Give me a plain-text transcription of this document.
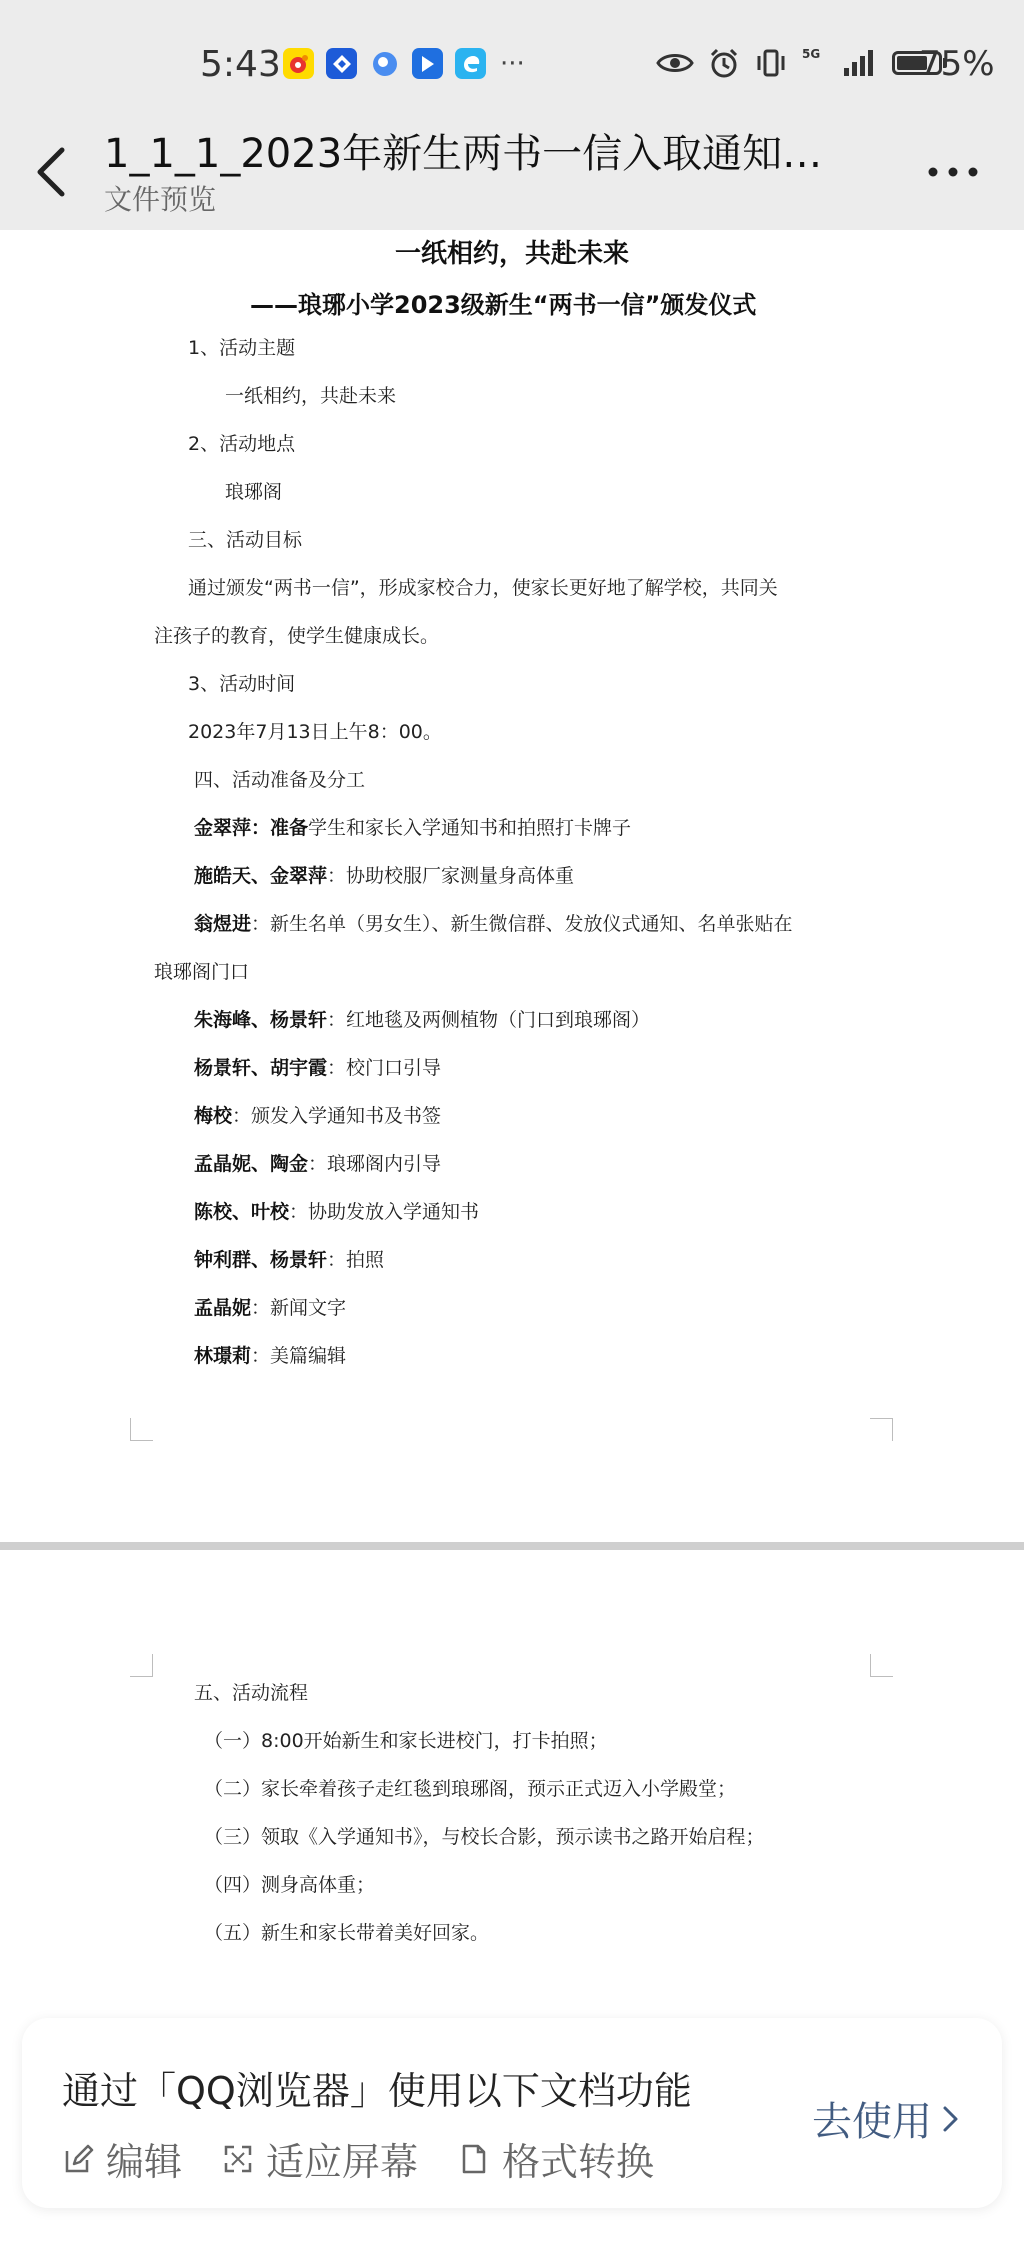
5:43	···	5G	75%
1_1_1_2023年新生两书一信入取通知…
文件预览
一纸相约，共赴未来
——琅琊小学2023级新生“两书一信”颁发仪式
1、活动主题
一纸相约，共赴未来
2、活动地点
琅琊阁
三、活动目标
通过颁发“两书一信”，形成家校合力，使家长更好地了解学校，共同关
注孩子的教育，使学生健康成长。
3、活动时间
2023年7月13日上午8：00。
四、活动准备及分工
金翠萍：准备学生和家长入学通知书和拍照打卡牌子
施皓天、金翠萍：协助校服厂家测量身高体重
翁煜进：新生名单（男女生）、新生微信群、发放仪式通知、名单张贴在
琅琊阁门口
朱海峰、杨景轩：红地毯及两侧植物（门口到琅琊阁）
杨景轩、胡宇霞：校门口引导
梅校：颁发入学通知书及书签
孟晶妮、陶金：琅琊阁内引导
陈校、叶校：协助发放入学通知书
钟利群、杨景轩：拍照
孟晶妮：新闻文字
林璟莉：美篇编辑
五、活动流程
（一）8:00开始新生和家长进校门，打卡拍照；
（二）家长牵着孩子走红毯到琅琊阁，预示正式迈入小学殿堂；
（三）领取《入学通知书》，与校长合影，预示读书之路开始启程；
（四）测身高体重；
（五）新生和家长带着美好回家。
通过「QQ浏览器」使用以下文档功能
编辑 适应屏幕 格式转换
去使用
